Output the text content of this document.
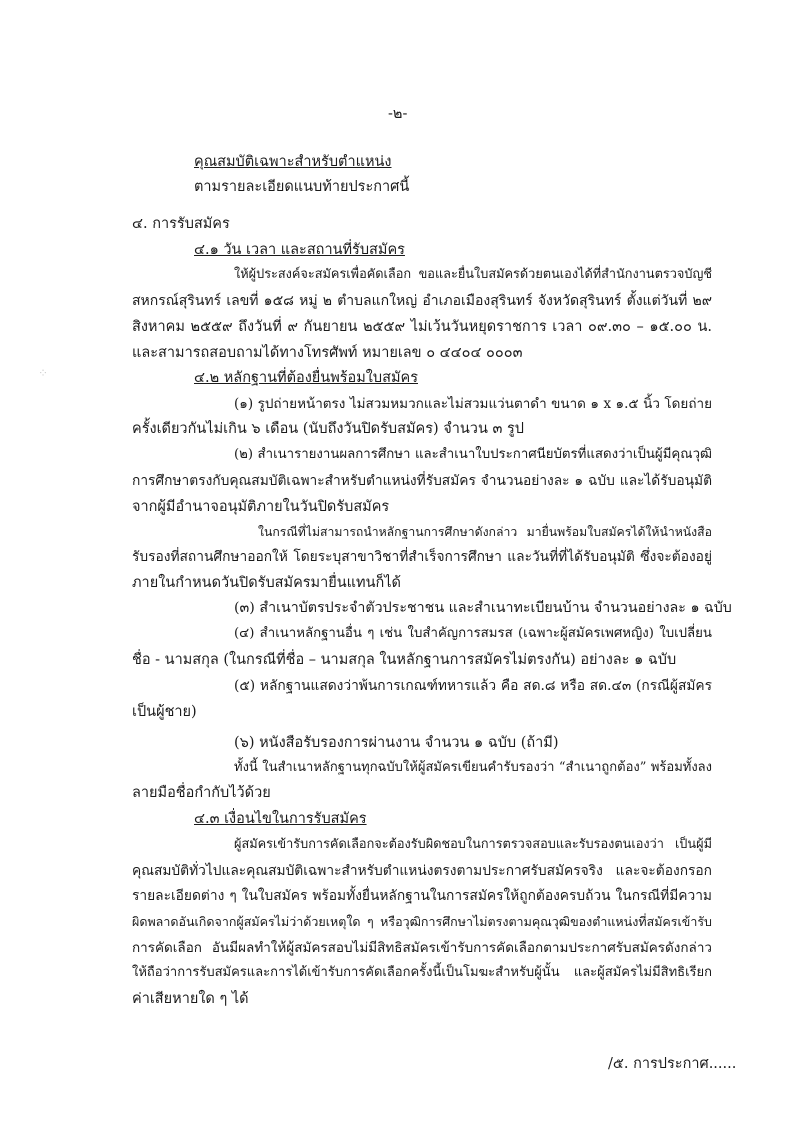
-๒-
คุณสมบัติเฉพาะสำหรับตำแหน่ง
ตามรายละเอียดแนบท้ายประกาศนี้
๔. การรับสมัคร
๔.๑ วัน เวลา และสถานที่รับสมัคร
ให้ผู้ประสงค์จะสมัครเพื่อคัดเลือก ขอและยื่นใบสมัครด้วยตนเองได้ที่สำนักงานตรวจบัญชี
สหกรณ์สุรินทร์ เลขที่ ๑๕๘ หมู่ ๒ ตำบลแกใหญ่ อำเภอเมืองสุรินทร์ จังหวัดสุรินทร์ ตั้งแต่วันที่ ๒๙
สิงหาคม ๒๕๕๙ ถึงวันที่ ๙ กันยายน ๒๕๕๙ ไม่เว้นวันหยุดราชการ เวลา ๐๙.๓๐ – ๑๕.๐๐ น.
และสามารถสอบถามได้ทางโทรศัพท์ หมายเลข ๐ ๔๔๐๔ ๐๐๐๓
๔.๒ หลักฐานที่ต้องยื่นพร้อมใบสมัคร
(๑) รูปถ่ายหน้าตรง ไม่สวมหมวกและไม่สวมแว่นตาดำ ขนาด ๑ x ๑.๕ นิ้ว โดยถ่าย
ครั้งเดียวกันไม่เกิน ๖ เดือน (นับถึงวันปิดรับสมัคร) จำนวน ๓ รูป
(๒) สำเนารายงานผลการศึกษา และสำเนาใบประกาศนียบัตรที่แสดงว่าเป็นผู้มีคุณวุฒิ
การศึกษาตรงกับคุณสมบัติเฉพาะสำหรับตำแหน่งที่รับสมัคร จำนวนอย่างละ ๑ ฉบับ และได้รับอนุมัติ
จากผู้มีอำนาจอนุมัติภายในวันปิดรับสมัคร
ในกรณีที่ไม่สามารถนำหลักฐานการศึกษาดังกล่าว มายื่นพร้อมใบสมัครได้ให้นำหนังสือ
รับรองที่สถานศึกษาออกให้ โดยระบุสาขาวิชาที่สำเร็จการศึกษา และวันที่ที่ได้รับอนุมัติ ซึ่งจะต้องอยู่
ภายในกำหนดวันปิดรับสมัครมายื่นแทนก็ได้
(๓) สำเนาบัตรประจำตัวประชาชน และสำเนาทะเบียนบ้าน จำนวนอย่างละ ๑ ฉบับ
(๔) สำเนาหลักฐานอื่น ๆ เช่น ใบสำคัญการสมรส (เฉพาะผู้สมัครเพศหญิง) ใบเปลี่ยน
ชื่อ - นามสกุล (ในกรณีที่ชื่อ – นามสกุล ในหลักฐานการสมัครไม่ตรงกัน) อย่างละ ๑ ฉบับ
(๕) หลักฐานแสดงว่าพ้นการเกณฑ์ทหารแล้ว คือ สด.๘ หรือ สด.๔๓ (กรณีผู้สมัคร
เป็นผู้ชาย)
(๖) หนังสือรับรองการผ่านงาน จำนวน ๑ ฉบับ (ถ้ามี)
ทั้งนี้ ในสำเนาหลักฐานทุกฉบับให้ผู้สมัครเขียนคำรับรองว่า “สำเนาถูกต้อง” พร้อมทั้งลง
ลายมือชื่อกำกับไว้ด้วย
๔.๓ เงื่อนไขในการรับสมัคร
ผู้สมัครเข้ารับการคัดเลือกจะต้องรับผิดชอบในการตรวจสอบและรับรองตนเองว่า เป็นผู้มี
คุณสมบัติทั่วไปและคุณสมบัติเฉพาะสำหรับตำแหน่งตรงตามประกาศรับสมัครจริง และจะต้องกรอก
รายละเอียดต่าง ๆ ในใบสมัคร พร้อมทั้งยื่นหลักฐานในการสมัครให้ถูกต้องครบถ้วน ในกรณีที่มีความ
ผิดพลาดอันเกิดจากผู้สมัครไม่ว่าด้วยเหตุใด ๆ หรือวุฒิการศึกษาไม่ตรงตามคุณวุฒิของตำแหน่งที่สมัครเข้ารับ
การคัดเลือก อันมีผลทำให้ผู้สมัครสอบไม่มีสิทธิสมัครเข้ารับการคัดเลือกตามประกาศรับสมัครดังกล่าว
ให้ถือว่าการรับสมัครและการได้เข้ารับการคัดเลือกครั้งนี้เป็นโมฆะสำหรับผู้นั้น และผู้สมัครไม่มีสิทธิเรียก
ค่าเสียหายใด ๆ ได้
/๕. การประกาศ......
⁘
